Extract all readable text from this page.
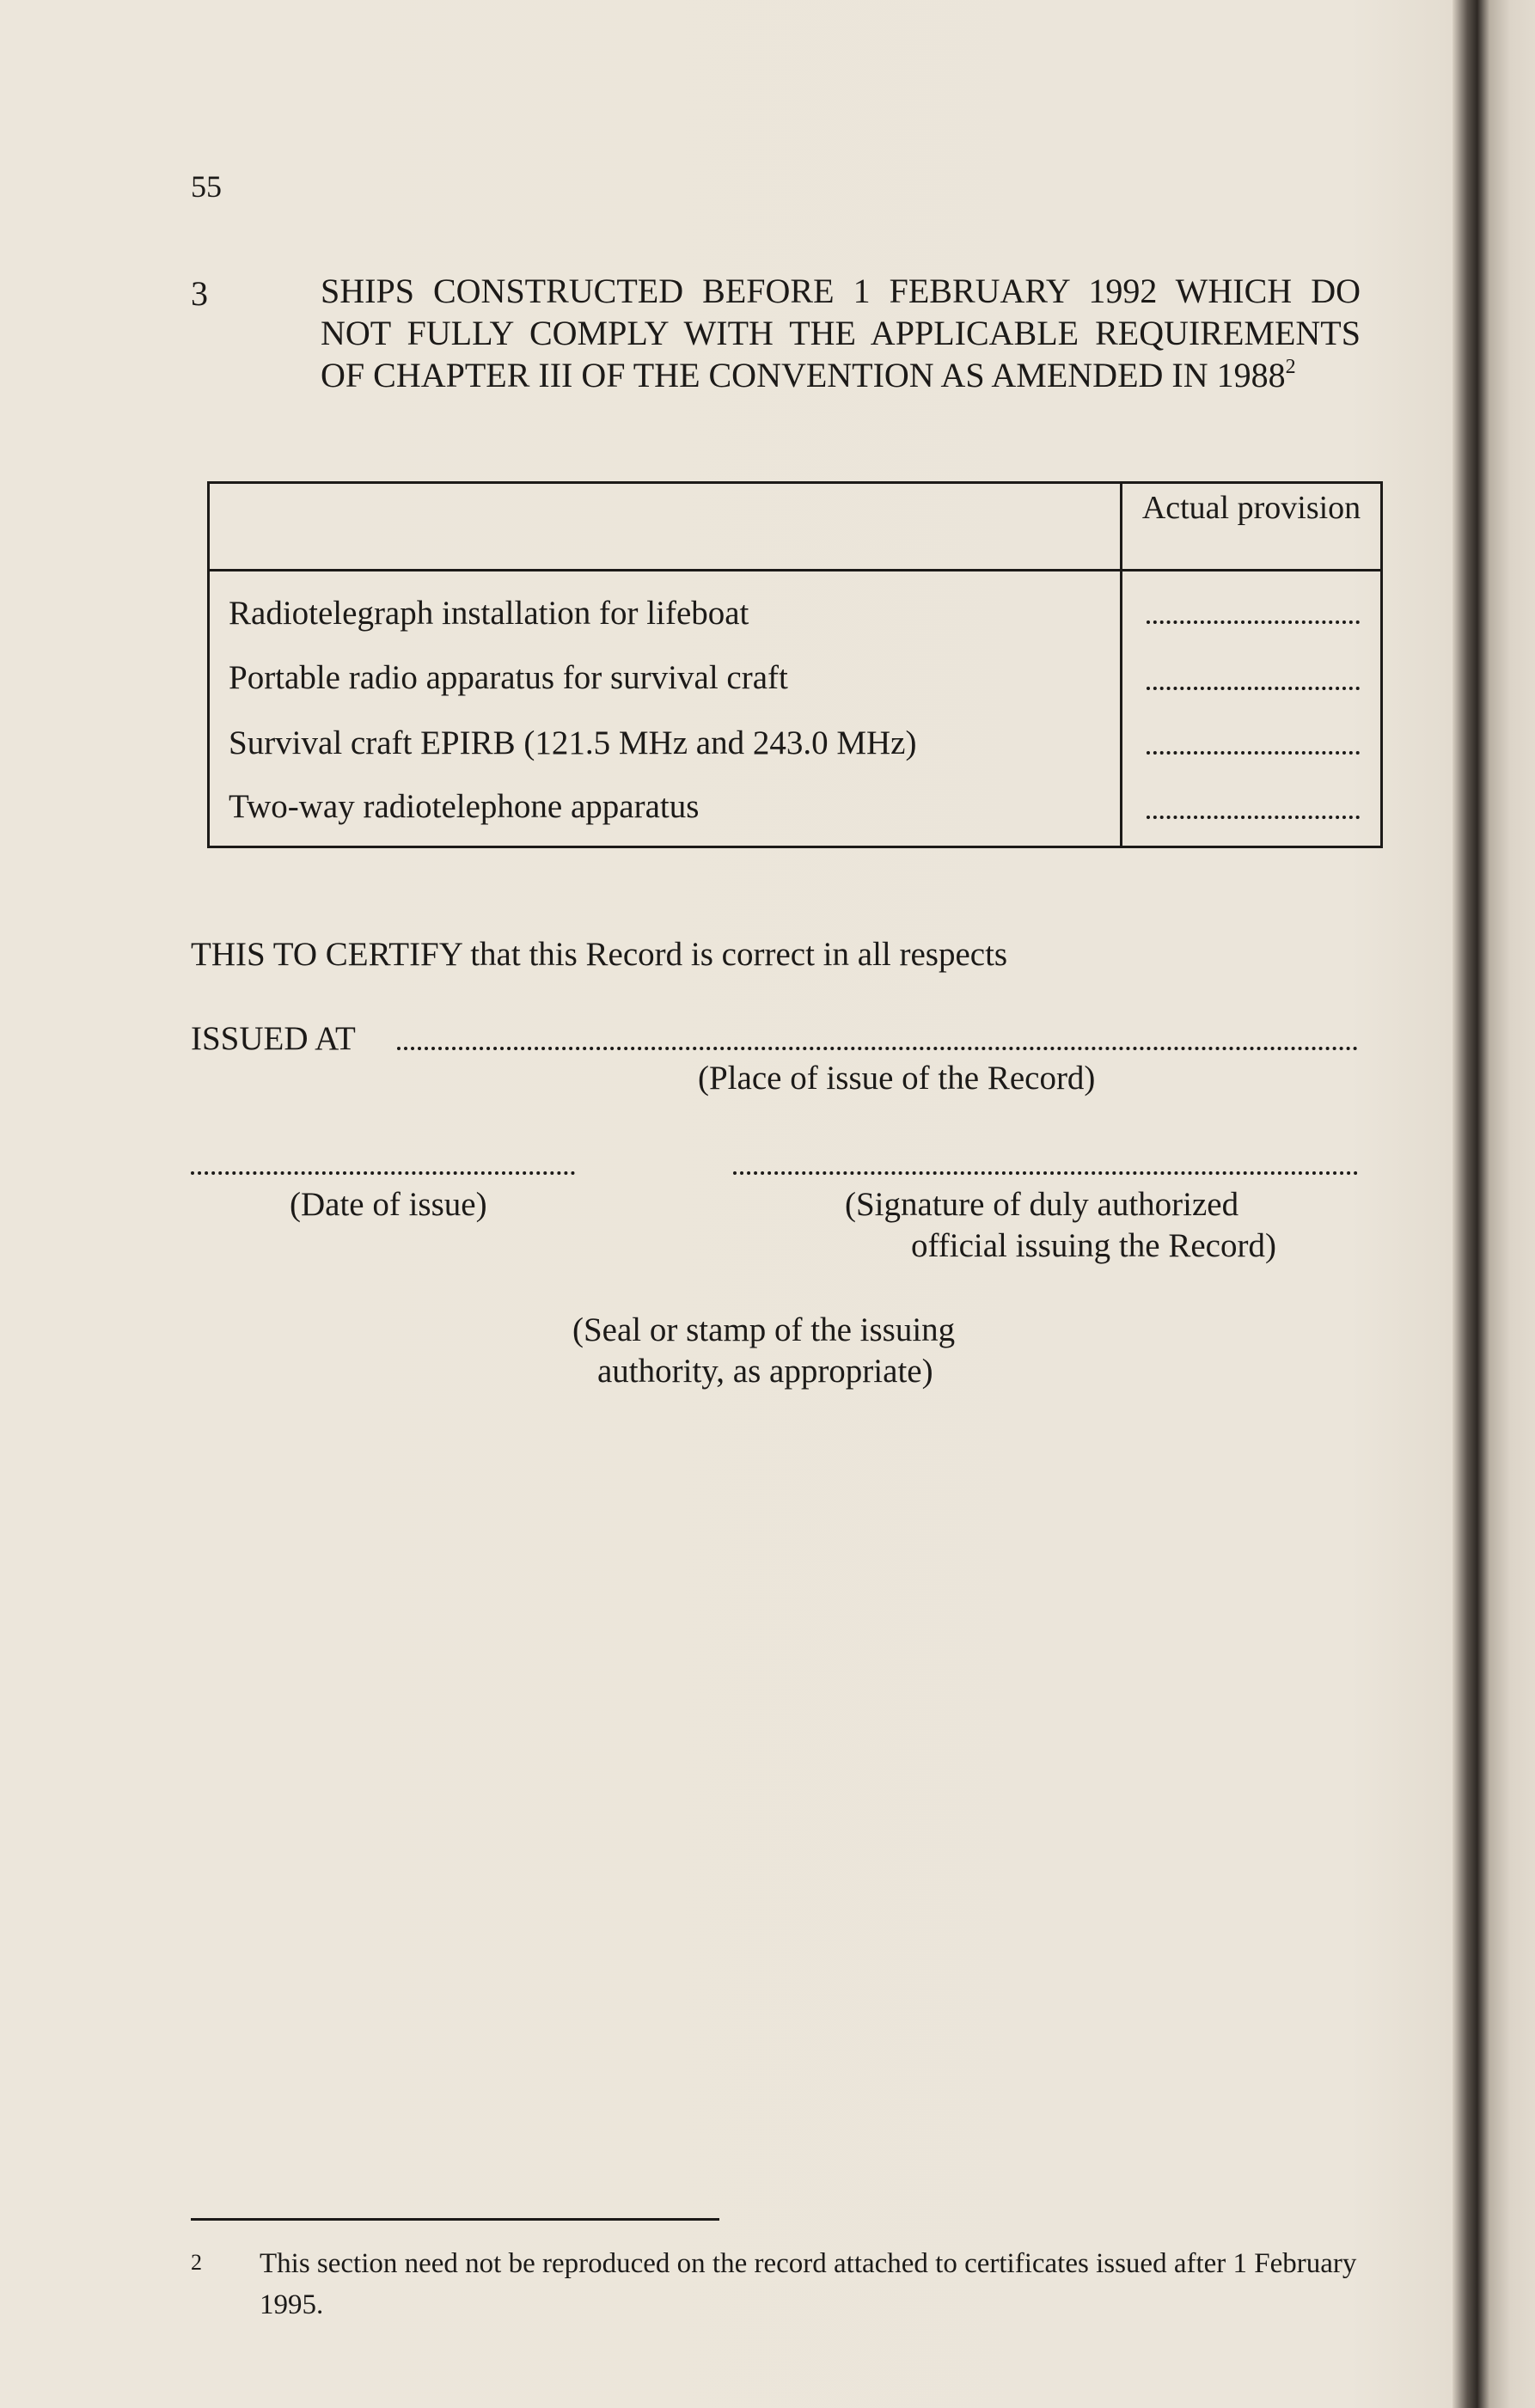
55
3	SHIPS CONSTRUCTED BEFORE 1 FEBRUARY 1992 WHICH DO NOT FULLY COMPLY WITH THE APPLICABLE REQUIREMENTS OF CHAPTER III OF THE CONVENTION AS AMENDED IN 1988$^2$
Actual provision
Radiotelegraph installation for lifeboat
Portable radio apparatus for survival craft
Survival craft EPIRB (121.5 MHz and 243.0 MHz)
Two-way radiotelephone apparatus
THIS TO CERTIFY that this Record is correct in all respects
ISSUED AT
(Place of issue of the Record)
(Date of issue)	(Signature of duly authorized
official issuing the Record)
(Seal or stamp of the issuing
authority, as appropriate)
2 This section need not be reproduced on the record attached to certificates issued after 1 February 1995.
